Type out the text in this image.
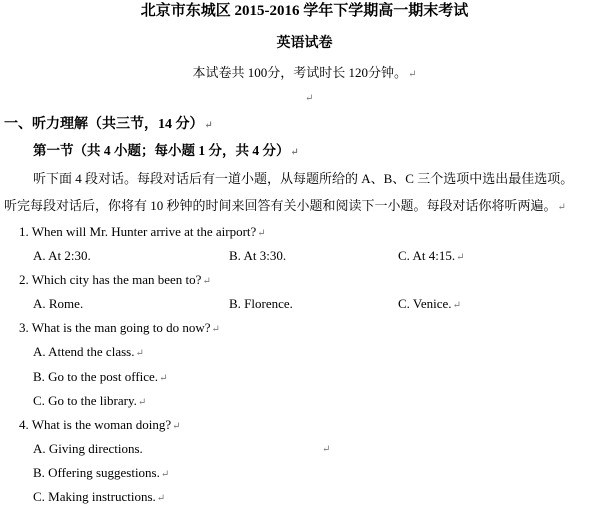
北京市东城区 2015-2016 学年下学期高一期末考试
英语试卷
本试卷共 100分，考试时长 120分钟。↵
↵
一、听力理解（共三节，14 分）↵
第一节（共 4 小题；每小题 1 分，共 4 分）↵
听下面 4 段对话。每段对话后有一道小题，从每题所给的 A、B、C 三个选项中选出最佳选项。
听完每段对话后，你将有 10 秒钟的时间来回答有关小题和阅读下一小题。每段对话你将听两遍。↵
1. When will Mr. Hunter arrive at the airport?↵
A. At 2:30.	B. At 3:30.	C. At 4:15.↵
2. Which city has the man been to?↵
A. Rome.	B. Florence.	C. Venice.↵
3. What is the man going to do now?↵
A. Attend the class.↵
B. Go to the post office.↵
C. Go to the library.↵
4. What is the woman doing?↵
A. Giving directions.	↵
B. Offering suggestions.↵
C. Making instructions.↵
